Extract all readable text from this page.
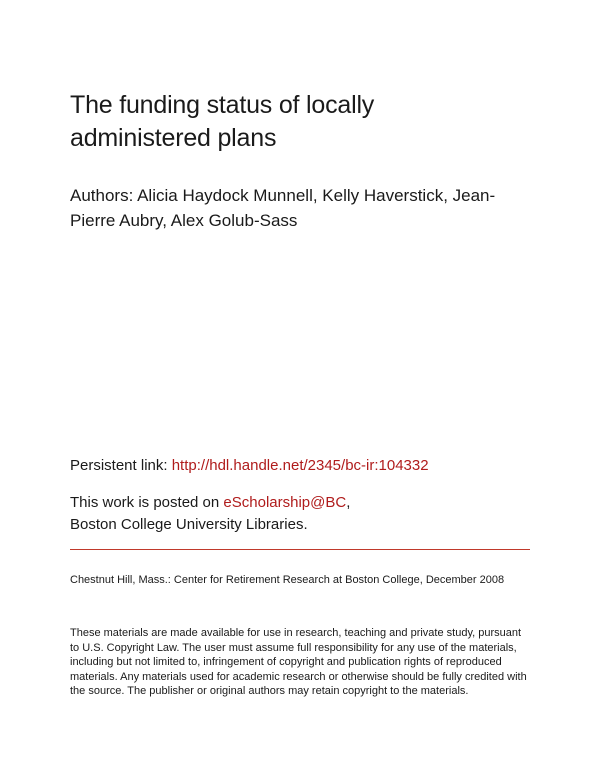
The funding status of locally
administered plans

Authors: Alicia Haydock Munnell, Kelly Haverstick, Jean-
Pierre Aubry, Alex Golub-Sass

Persistent link: http://hdl.handle.net/2345/bc-ir:104332
This work is posted on eScholarship@BC,
Boston College University Libraries.
Chestnut Hill, Mass.: Center for Retirement Research at Boston College, December 2008
These materials are made available for use in research, teaching and private study, pursuant to U.S. Copyright Law. The user must assume full responsibility for any use of the materials, including but not limited to, infringement of copyright and publication rights of reproduced materials. Any materials used for academic research or otherwise should be fully credited with the source. The publisher or original authors may retain copyright to the materials.
